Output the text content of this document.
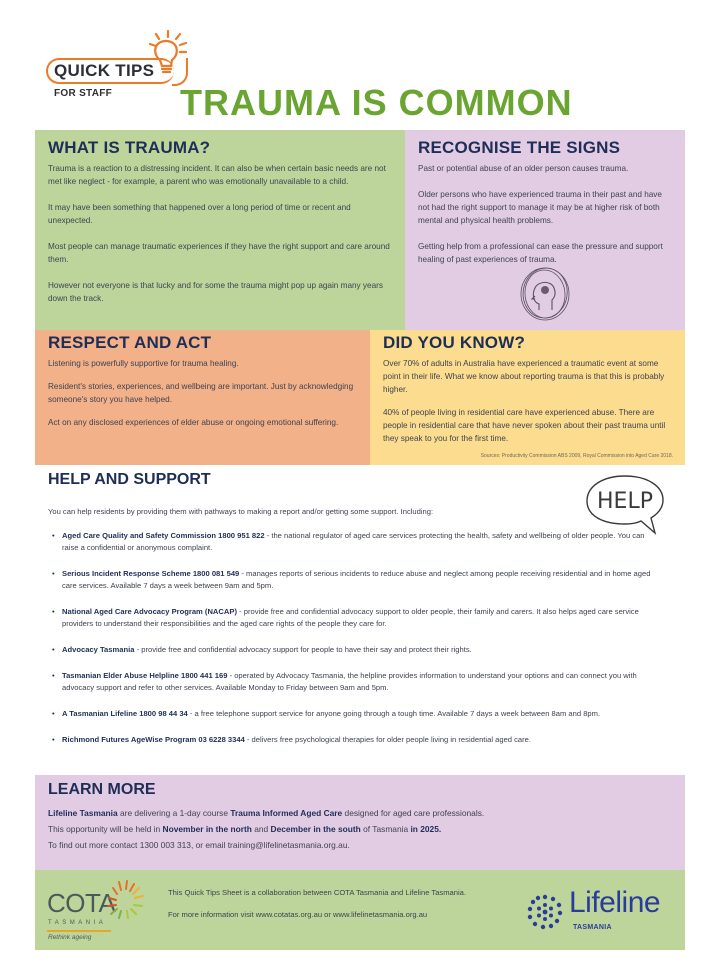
QUICK TIPS
FOR STAFF TRAUMA IS COMMON
WHAT IS TRAUMA?

Trauma is a reaction to a distressing incident. It can also be when certain basic needs are not met like neglect - for example, a parent who was emotionally unavailable to a child.

It may have been something that happened over a long period of time or recent and unexpected.

Most people can manage traumatic experiences if they have the right support and care around them.

However not everyone is that lucky and for some the trauma might pop up again many years down the track.

RECOGNISE THE SIGNS

Past or potential abuse of an older person causes trauma.

Older persons who have experienced trauma in their past and have not had the right support to manage it may be at higher risk of both mental and physical health problems.

Getting help from a professional can ease the pressure and support healing of past experiences of trauma.

RESPECT AND ACT

Listening is powerfully supportive for trauma healing.

Resident's stories, experiences, and wellbeing are important. Just by acknowledging someone's story you have helped.

Act on any disclosed experiences of elder abuse or ongoing emotional suffering.

DID YOU KNOW?

Over 70% of adults in Australia have experienced a traumatic event at some point in their life. What we know about reporting trauma is that this is probably higher.

40% of people living in residential care have experienced abuse. There are people in residential care that have never spoken about their past trauma until they speak to you for the first time.

Sources: Productivity Commission ABS 2009, Royal Commission into Aged Care 2018.
HELP AND SUPPORT
HELP

You can help residents by providing them with pathways to making a report and/or getting some support. Including:

• Aged Care Quality and Safety Commission 1800 951 822 - the national regulator of aged care services protecting the health, safety and wellbeing of older people. You can raise a confidential or anonymous complaint.
• Serious Incident Response Scheme 1800 081 549 - manages reports of serious incidents to reduce abuse and neglect among people receiving residential and in home aged care services. Available 7 days a week between 9am and 5pm.
• National Aged Care Advocacy Program (NACAP) - provide free and confidential advocacy support to older people, their family and carers. It also helps aged care service providers to understand their responsibilities and the aged care rights of the people they care for.
• Advocacy Tasmania - provide free and confidential advocacy support for people to have their say and protect their rights.
• Tasmanian Elder Abuse Helpline 1800 441 169 - operated by Advocacy Tasmania, the helpline provides information to understand your options and can connect you with advocacy support and refer to other services. Available Monday to Friday between 9am and 5pm.
• A Tasmanian Lifeline 1800 98 44 34 - a free telephone support service for anyone going through a tough time. Available 7 days a week between 8am and 8pm.
• Richmond Futures AgeWise Program 03 6228 3344 - delivers free psychological therapies for older people living in residential aged care.
LEARN MORE

Lifeline Tasmania are delivering a 1-day course Trauma Informed Aged Care designed for aged care professionals.

This opportunity will be held in November in the north and December in the south of Tasmania in 2025.

To find out more contact 1300 003 313, or email training@lifelinetasmania.org.au.

COTA
TASMANIA
Rethink ageing
This Quick Tips Sheet is a collaboration between COTA Tasmania and Lifeline Tasmania.
For more information visit www.cotatas.org.au or www.lifelinetasmania.org.au	Lifeline
TASMANIA
